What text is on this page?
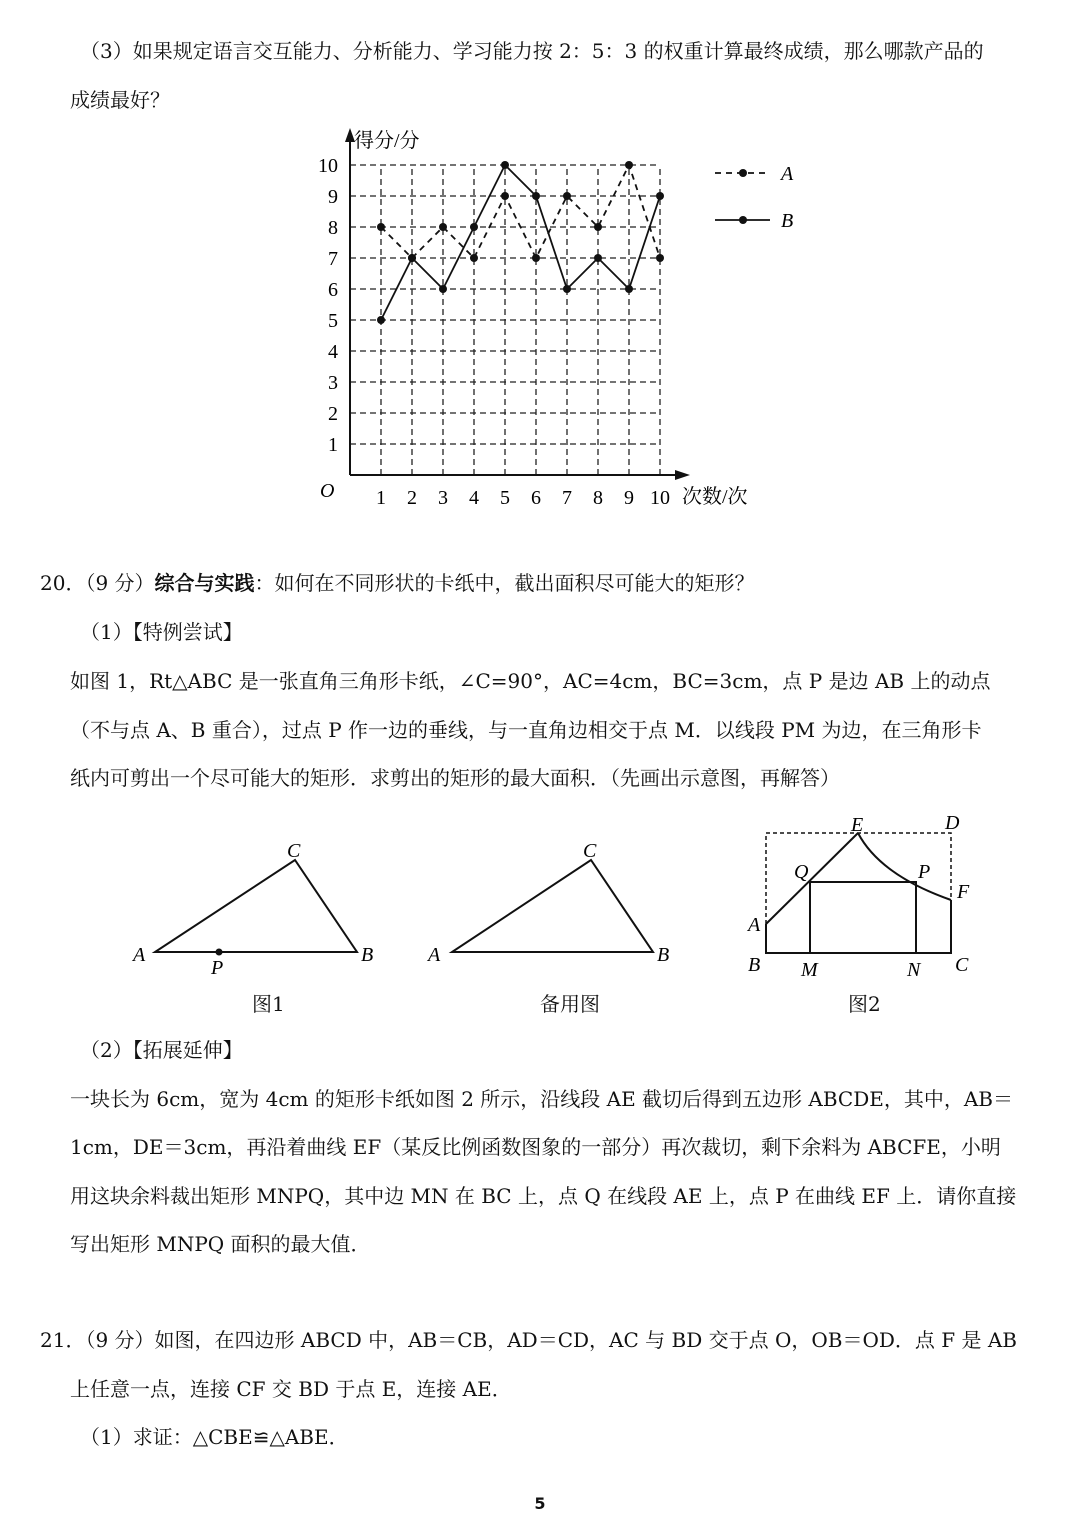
（3）如果规定语言交互能力、分析能力、学习能力按 2：5：3 的权重计算最终成绩，那么哪款产品的
成绩最好？
得分/分
次数/次
O
1
2
3
4
5
6
7
8
9
10
1 2 3 4 5 6 7 8 9 10
A
B
20．（9 分）综合与实践：如何在不同形状的卡纸中，截出面积尽可能大的矩形？
（1）【特例尝试】
如图 1，Rt△ABC 是一张直角三角形卡纸，∠C=90°，AC=4cm，BC=3cm，点 P 是边 AB 上的动点
（不与点 A、B 重合），过点 P 作一边的垂线，与一直角边相交于点 M．以线段 PM 为边，在三角形卡
纸内可剪出一个尽可能大的矩形．求剪出的矩形的最大面积．（先画出示意图，再解答）
A	B
C
P
A	B
C
A
B	C
D
E
F
M	N
P
Q
图1	备用图	图2
（2）【拓展延伸】
一块长为 6cm，宽为 4cm 的矩形卡纸如图 2 所示，沿线段 AE 截切后得到五边形 ABCDE，其中，AB＝
1cm，DE＝3cm，再沿着曲线 EF（某反比例函数图象的一部分）再次裁切，剩下余料为 ABCFE，小明
用这块余料裁出矩形 MNPQ，其中边 MN 在 BC 上，点 Q 在线段 AE 上，点 P 在曲线 EF 上．请你直接
写出矩形 MNPQ 面积的最大值．
21．（9 分）如图，在四边形 ABCD 中，AB＝CB，AD＝CD，AC 与 BD 交于点 O，OB＝OD．点 F 是 AB
上任意一点，连接 CF 交 BD 于点 E，连接 AE．
（1）求证：△CBE≌△ABE．
5
